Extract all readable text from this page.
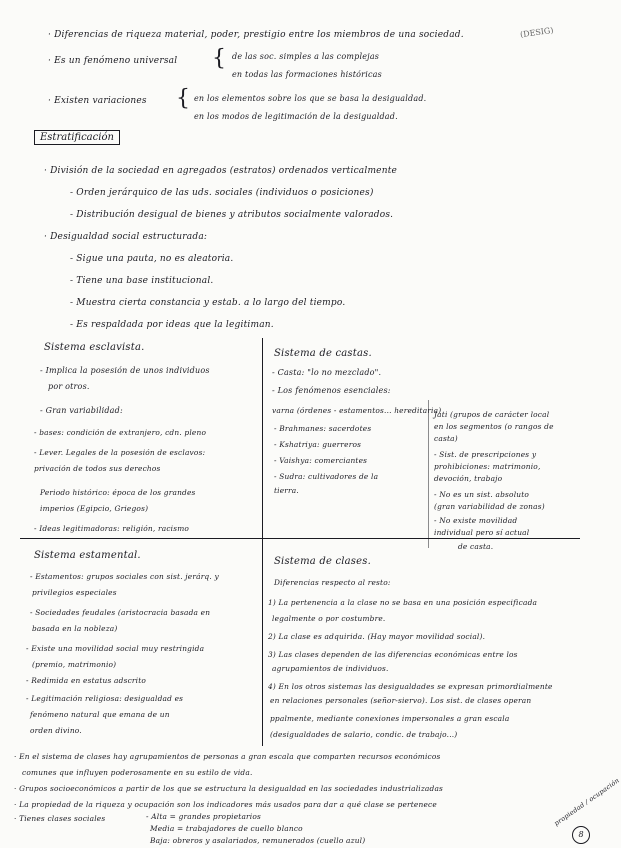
· Diferencias de riqueza material, poder, prestigio entre los miembros de una sociedad.	(DESIG)
· Es un fenómeno universal { de las soc. simples a las complejas
en todas las formaciones históricas
· Existen variaciones { en los elementos sobre los que se basa la desigualdad.
en los modos de legitimación de la desigualdad.
Estratificación
· División de la sociedad en agregados (estratos) ordenados verticalmente
- Orden jerárquico de las uds. sociales (individuos o posiciones)
- Distribución desigual de bienes y atributos socialmente valorados.
· Desigualdad social estructurada:
- Sigue una pauta, no es aleatoria.
- Tiene una base institucional.
- Muestra cierta constancia y estab. a lo largo del tiempo.
- Es respaldada por ideas que la legitiman.
Sistema esclavista.
- Implica la posesión de unos individuos
por otros.
- Gran variabilidad:
- bases: condición de extranjero, cdn. pleno
- Lever. Legales de la posesión de esclavos:
privación de todos sus derechos
Periodo histórico: época de los grandes
imperios (Egipcio, Griegos)
- Ideas legitimadoras: religión, racismo
Sistema de castas.
- Casta: "lo no mezclado".
- Los fenómenos esenciales:
varna (órdenes - estamentos... hereditaria)
- Brahmanes: sacerdotes
- Kshatriya: guerreros
- Vaishya: comerciantes
- Sudra: cultivadores de la
tierra.
Jati (grupos de carácter local
en los segmentos (o rangos de
casta)
- Sist. de prescripciones y
prohibiciones: matrimonio,
devoción, trabajo
- No es un sist. absoluto
(gran variabilidad de zonas)
- No existe movilidad
individual pero sí actual
de casta.
Sistema estamental.
- Estamentos: grupos sociales con sist. jerárq. y
privilegios especiales
- Sociedades feudales (aristocracia basada en
basada en la nobleza)
- Existe una movilidad social muy restringida
(premio, matrimonio)
- Redimida en estatus adscrito
- Legitimación religiosa: desigualdad es
fenómeno natural que emana de un
orden divino.
Sistema de clases.
Diferencias respecto al resto:
1) La pertenencia a la clase no se basa en una posición especificada
legalmente o por costumbre.
2) La clase es adquirida. (Hay mayor movilidad social).
3) Las clases dependen de las diferencias económicas entre los
agrupamientos de individuos.
4) En los otros sistemas las desigualdades se expresan primordialmente
en relaciones personales (señor-siervo). Los sist. de clases operan
ppalmente, mediante conexiones impersonales a gran escala
(desigualdades de salario, condic. de trabajo...)
· En el sistema de clases hay agrupamientos de personas a gran escala que comparten recursos económicos
comunes que influyen poderosamente en su estilo de vida.
· Grupos socioeconómicos a partir de los que se estructura la desigualdad en las sociedades industrializadas
· La propiedad de la riqueza y ocupación son los indicadores más usados para dar a qué clase se pertenece
· Tienes clases sociales	- Alta = grandes propietarios
Media = trabajadores de cuello blanco
Baja: obreros y asalariados, remunerados (cuello azul)
propiedad / ocupación
8
